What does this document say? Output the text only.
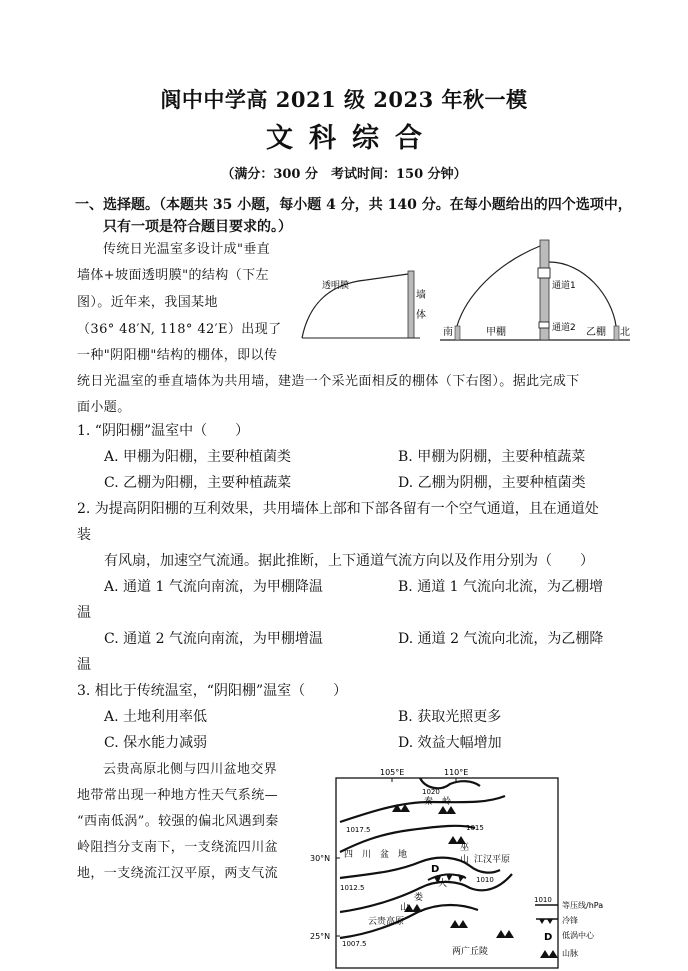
阆中中学高 2021 级 2023 年秋一模
文科综合
（满分：300 分　考试时间：150 分钟）
一、选择题。（本题共 35 小题，每小题 4 分，共 140 分。在每小题给出的四个选项中，
只有一项是符合题目要求的。）
传统日光温室多设计成"垂直
墙体+坡面透明膜"的结构（下左
图）。近年来，我国某地
（36° 48′N, 118° 42′E）出现了
一种"阴阳棚"结构的棚体，即以传
统日光温室的垂直墙体为共用墙，建造一个采光面相反的棚体（下右图）。据此完成下
面小题。
透明膜
墙
体
南	甲棚
通道1
通道2 乙棚 北
1. “阴阳棚”温室中（　　）
A. 甲棚为阳棚，主要种植菌类	B. 甲棚为阴棚，主要种植蔬菜
C. 乙棚为阳棚，主要种植蔬菜	D. 乙棚为阴棚，主要种植菌类
2. 为提高阴阳棚的互利效果，共用墙体上部和下部各留有一个空气通道，且在通道处
装
有风扇，加速空气流通。据此推断，上下通道气流方向以及作用分别为（　　）
A. 通道 1 气流向南流，为甲棚降温	B. 通道 1 气流向北流，为乙棚增
温
C. 通道 2 气流向南流，为甲棚增温	D. 通道 2 气流向北流，为乙棚降
温
3. 相比于传统温室，“阴阳棚”温室（　　）
A. 土地利用率低	B. 获取光照更多
C. 保水能力减弱	D. 效益大幅增加
云贵高原北侧与四川盆地交界
地带常出现一种地方性天气系统—
“西南低涡”。较强的偏北风遇到秦
岭阻挡分支南下，一支绕流四川盆
地，一支绕流江汉平原，两支气流
105°E	110°E
30°N
25°N
1020
1017.5	1015
1012.5
1010
1007.5
D
秦　岭
四　川　盆　地
巫
山 江汉平原
大
娄
山
云贵高原
两广丘陵
1010
等压线/hPa
冷锋
D 低涡中心
山脉
